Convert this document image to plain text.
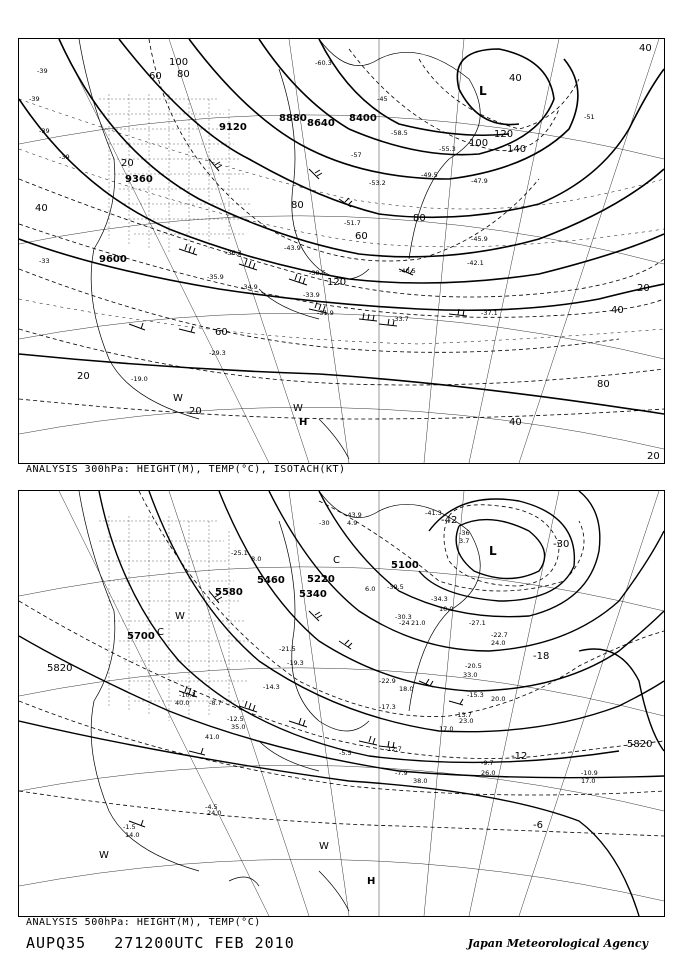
9120
8880 8640 8400
9360
9600
100
80
60
40
20
120
140
100
80
60
40
120
80
60
40
20
20
40
20
80
40
20
-39
-39
-39
-39
-33
-45
-51
-57
-60.3
-55.3
-58.5
-49.5
-53.2	-47.9
-51.7
-45.9
-43.9
-42.1
-40.5
-38.5
-36.3
-35.9
-34.9
-33.9
-31.9
-33.7
-37.1
-29.3
-19.0
L
H
W
W
ANALYSIS 300hPa: HEIGHT(M), TEMP(°C), ISOTACH(KT)
5100
5220
5340
5460
5580
5700
5820
5820
-42
-30
-18
-12
-6
-36
-30
-24
-43.9	-41.3
-39.5
-34.3
-30.3
-27.1
-22.7
-20.5
-15.3
-13.7
-12.7
-9.7
-7.9	-10.9
-25.1
-21.5
-19.3
-14.3
-12.5
-10.3
-8.7
-5.5
-4.5
-1.5
-22.9
-17.3
21.0
10.0
24.0
33.0
20.0
17.0
23.0
38.0
26.0
17.0
18.0
40.0
41.0
35.0
24.0
14.0
4.9
6.0
8.0
3.7
L
H
C
C
W
W
W
ANALYSIS 500hPa: HEIGHT(M), TEMP(°C)
AUPQ35 271200UTC FEB 2010	Japan Meteorological Agency
